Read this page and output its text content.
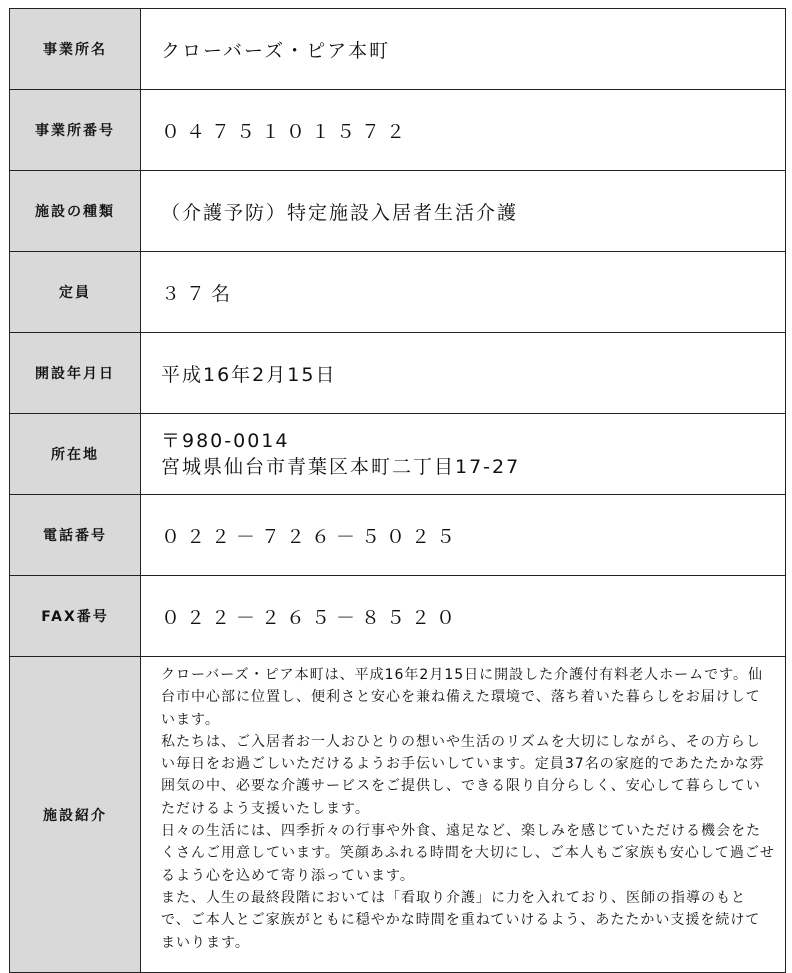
事業所名	クローバーズ・ピア本町
事業所番号	０４７５１０１５７２
施設の種類	（介護予防）特定施設入居者生活介護
定員	３７名
開設年月日	平成16年2月15日
所在地	〒980-0014
宮城県仙台市青葉区本町二丁目17-27

電話番号	０２２－７２６－５０２５
FAX番号	０２２－２６５－８５２０
施設紹介	クローバーズ・ピア本町は、平成16年2月15日に開設した介護付有料老人ホームです。仙台市中心部に位置し、便利さと安心を兼ね備えた環境で、落ち着いた暮らしをお届けしています。
私たちは、ご入居者お一人おひとりの想いや生活のリズムを大切にしながら、その方らしい毎日をお過ごしいただけるようお手伝いしています。定員37名の家庭的であたたかな雰囲気の中、必要な介護サービスをご提供し、できる限り自分らしく、安心して暮らしていただけるよう支援いたします。
日々の生活には、四季折々の行事や外食、遠足など、楽しみを感じていただける機会をたくさんご用意しています。笑顔あふれる時間を大切にし、ご本人もご家族も安心して過ごせるよう心を込めて寄り添っています。
また、人生の最終段階においては「看取り介護」に力を入れており、医師の指導のもとで、ご本人とご家族がともに穏やかな時間を重ねていけるよう、あたたかい支援を続けてまいります。
